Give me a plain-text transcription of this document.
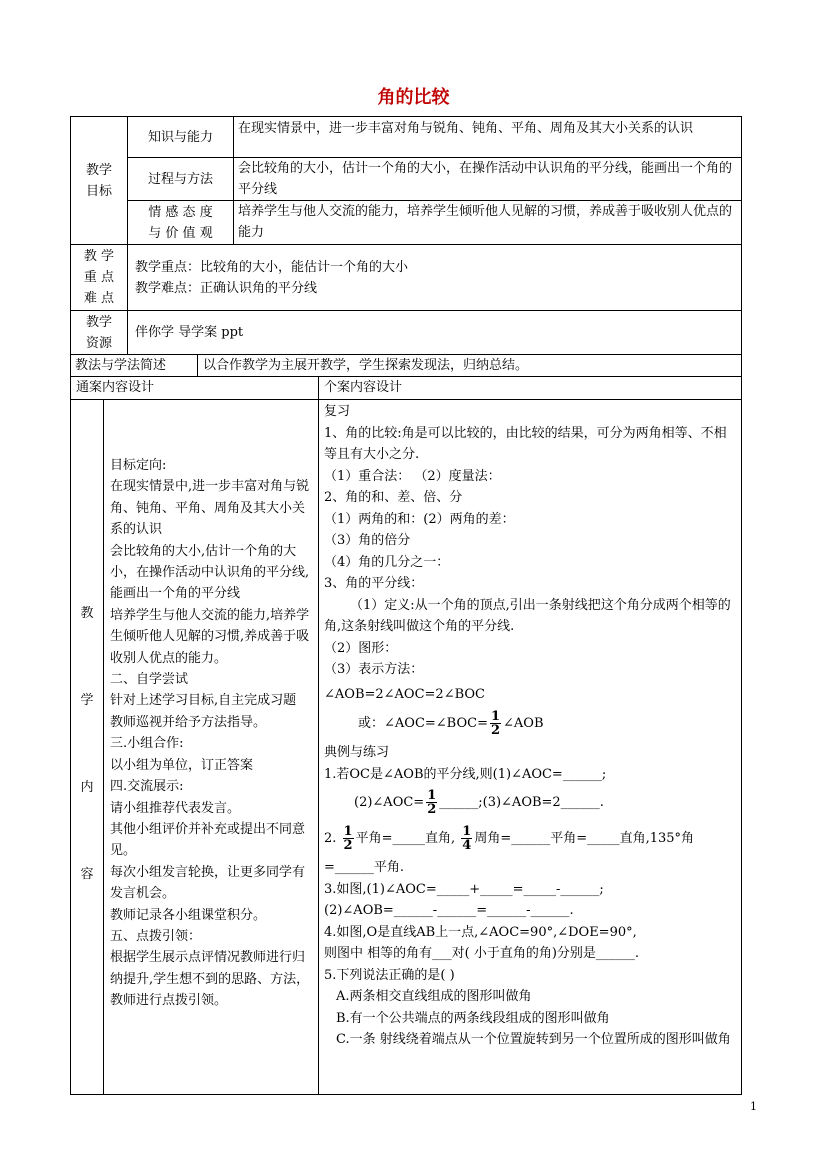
角的比较
教学
目标
知识与能力
在现实情景中，进一步丰富对角与锐角、钝角、平角、周角及其大小关系的认识
过程与方法
会比较角的大小，估计一个角的大小，在操作活动中认识角的平分线，能画出一个角的平分线
情 感 态 度
与 价 值 观
培养学生与他人交流的能力，培养学生倾听他人见解的习惯，养成善于吸收别人优点的能力
教 学
重 点
难 点
教学重点：比较角的大小，能估计一个角的大小
教学难点：正确认识角的平分线
教学
资源
伴你学 导学案 ppt
教法与学法简述	以合作教学为主展开教学，学生探索发现法，归纳总结。
通案内容设计	个案内容设计
教
学
内
容
目标定向:
在现实情景中,进一步丰富对角与锐角、钝角、平角、周角及其大小关系的认识
会比较角的大小,估计一个角的大小，在操作活动中认识角的平分线,能画出一个角的平分线
培养学生与他人交流的能力,培养学生倾听他人见解的习惯,养成善于吸收别人优点的能力。
二、自学尝试
针对上述学习目标,自主完成习题
教师巡视并给予方法指导。
三.小组合作:
以小组为单位，订正答案
四.交流展示:
请小组推荐代表发言。
其他小组评价并补充或提出不同意见。
每次小组发言轮换，让更多同学有发言机会。
教师记录各小组课堂积分。
五、点拨引领：
根据学生展示点评情况教师进行归纳提升,学生想不到的思路、方法，教师进行点拨引领。

复习

1、角的比较:角是可以比较的，由比较的结果，可分为两角相等、不相等且有大小之分.

（1）重合法： （2）度量法：

2、角的和、差、倍、分

（1）两角的和：(2）两角的差：

（3）角的倍分

（4）角的几分之一：

3、角的平分线：

（1）定义:从一个角的顶点,引出一条射线把这个角分成两个相等的角,这条射线叫做这个角的平分线.

（2）图形：

（3）表示方法：

∠AOB=2∠AOC=2∠BOC

或：∠AOC=∠BOC= $\frac{1}{2}$ ∠AOB

典例与练习

1.若OC是∠AOB的平分线,则(1)∠AOC=______;

(2)∠AOC= $\frac{1}{2}$ ______;(3)∠AOB=2______.

2. $\frac{1}{2}$ 平角=_____直角, $\frac{1}{4}$ 周角=______平角=_____直角,135°角

=______平角.

3.如图,(1)∠AOC=_____+_____=_____-______;

(2)∠AOB=______-______=______-______.

4.如图,O是直线AB上一点,∠AOC=90°,∠DOE=90°,

则图中 相等的角有___对( 小于直角的角)分别是______.

5.下列说法正确的是( )

A.两条相交直线组成的图形叫做角

B.有一个公共端点的两条线段组成的图形叫做角

C.一条 射线绕着端点从一个位置旋转到另一个位置所成的图形叫做角

1
